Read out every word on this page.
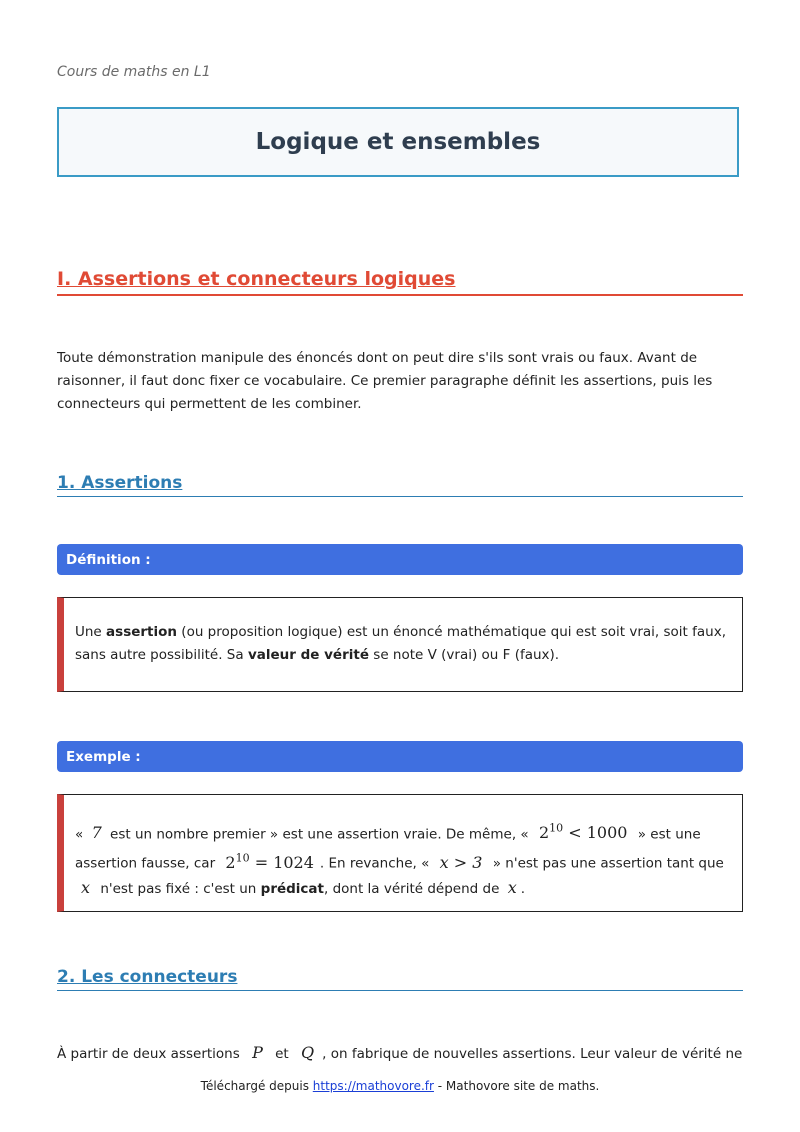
Cours de maths en L1
Logique et ensembles
I. Assertions et connecteurs logiques
Toute démonstration manipule des énoncés dont on peut dire s'ils sont vrais ou faux. Avant de raisonner, il faut donc fixer ce vocabulaire. Ce premier paragraphe définit les assertions, puis les connecteurs qui permettent de les combiner.
1. Assertions
Définition :
Une assertion (ou proposition logique) est un énoncé mathématique qui est soit vrai, soit faux, sans autre possibilité. Sa valeur de vérité se note V (vrai) ou F (faux).
Exemple :
« 7 est un nombre premier » est une assertion vraie. De même, « $2^{10} < 1000$ » est une assertion fausse, car $2^{10} = 1024$ . En revanche, « x > 3 » n'est pas une assertion tant que x n'est pas fixé : c'est un prédicat, dont la vérité dépend de x .
2. Les connecteurs
À partir de deux assertions P et Q , on fabrique de nouvelles assertions. Leur valeur de vérité ne
Téléchargé depuis https://mathovore.fr - Mathovore site de maths.
